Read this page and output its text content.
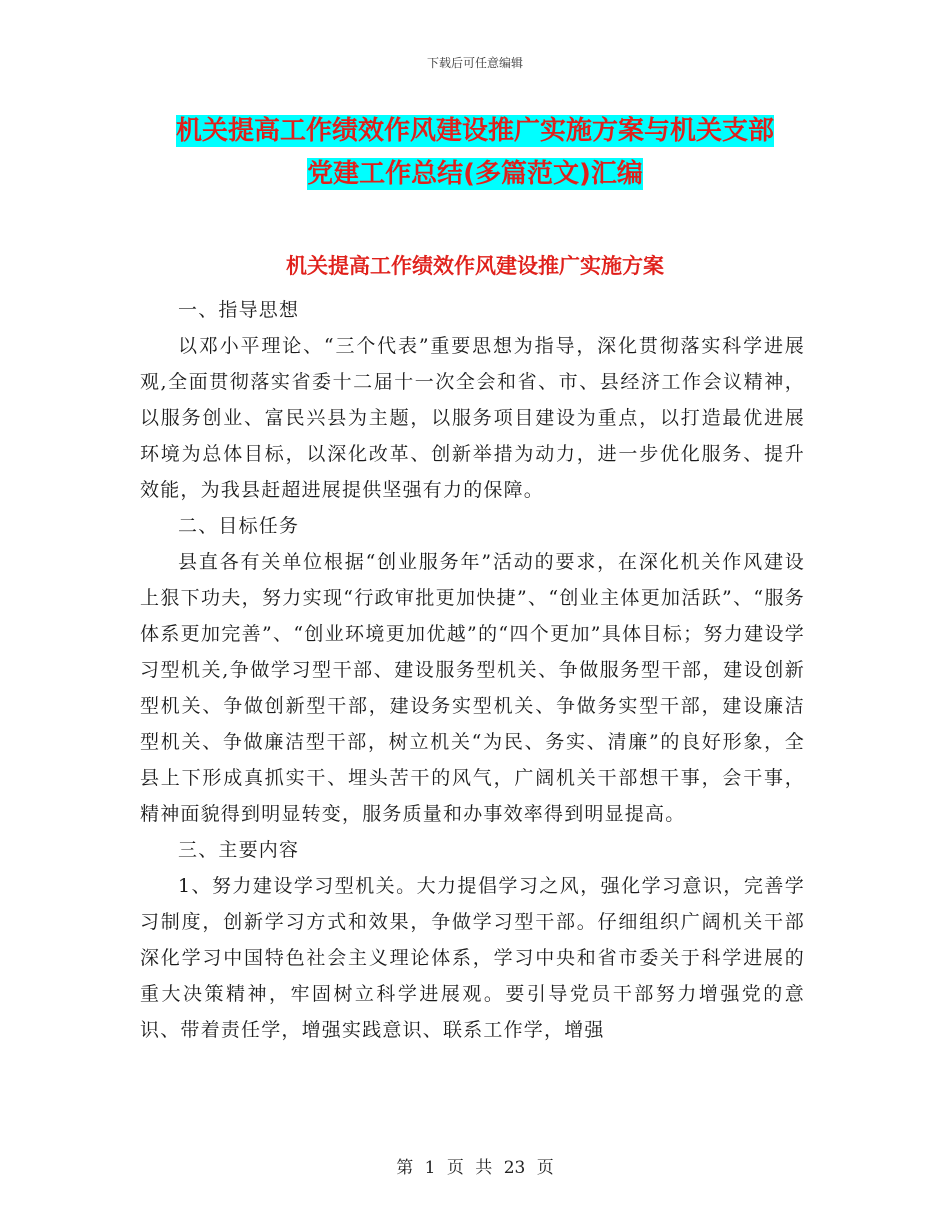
下载后可任意编辑
机关提高工作绩效作风建设推广实施方案与机关支部
党建工作总结(多篇范文)汇编
机关提高工作绩效作风建设推广实施方案

一、指导思想

以邓小平理论、“三个代表”重要思想为指导，深化贯彻落实科学进展观,全面贯彻落实省委十二届十一次全会和省、市、县经济工作会议精神，以服务创业、富民兴县为主题，以服务项目建设为重点，以打造最优进展环境为总体目标，以深化改革、创新举措为动力，进一步优化服务、提升效能，为我县赶超进展提供坚强有力的保障。

二、目标任务

县直各有关单位根据“创业服务年”活动的要求，在深化机关作风建设上狠下功夫，努力实现“行政审批更加快捷”、“创业主体更加活跃”、“服务体系更加完善”、“创业环境更加优越”的“四个更加”具体目标；努力建设学习型机关,争做学习型干部、建设服务型机关、争做服务型干部，建设创新型机关、争做创新型干部，建设务实型机关、争做务实型干部，建设廉洁型机关、争做廉洁型干部，树立机关“为民、务实、清廉”的良好形象，全县上下形成真抓实干、埋头苦干的风气，广阔机关干部想干事，会干事，精神面貌得到明显转变，服务质量和办事效率得到明显提高。

三、主要内容

1、努力建设学习型机关。大力提倡学习之风，强化学习意识，完善学习制度，创新学习方式和效果，争做学习型干部。仔细组织广阔机关干部深化学习中国特色社会主义理论体系，学习中央和省市委关于科学进展的重大决策精神，牢固树立科学进展观。要引导党员干部努力增强党的意识、带着责任学，增强实践意识、联系工作学，增强

第 1 页 共 23 页
